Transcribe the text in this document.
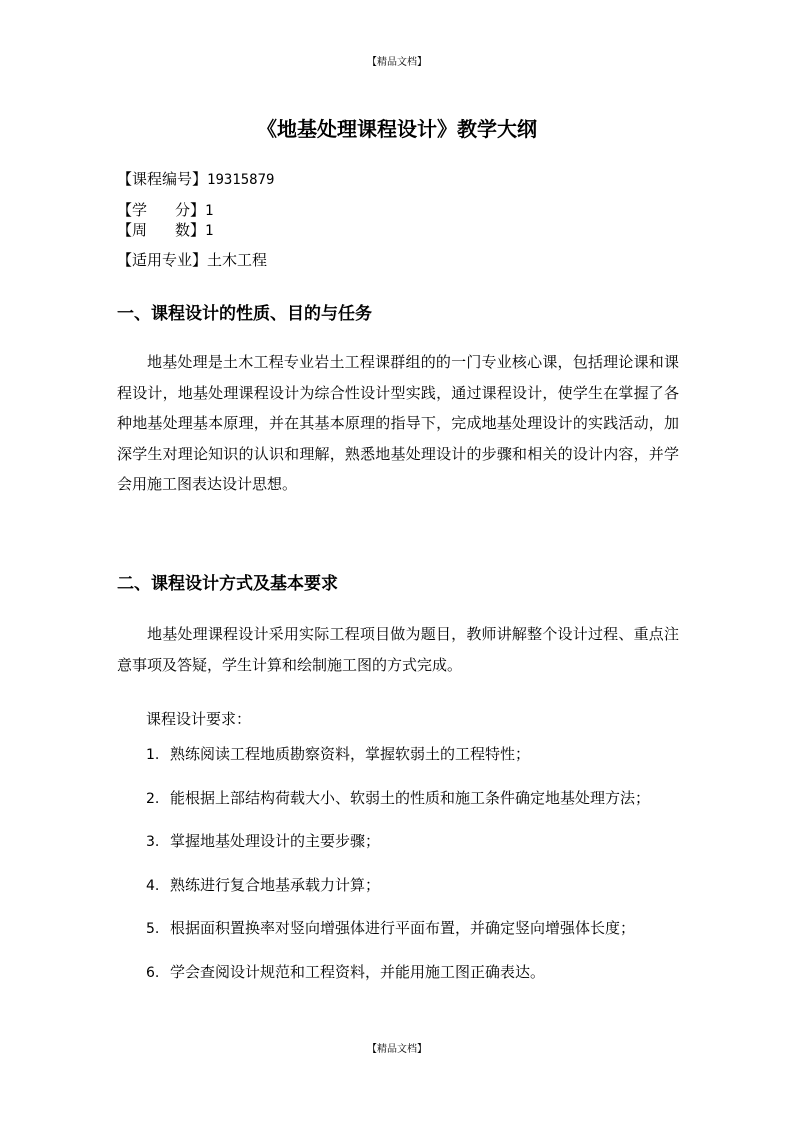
【精品文档】
《地基处理课程设计》教学大纲
【课程编号】19315879
【学 分】 1
【周 数】 1
【适用专业】土木工程
一、课程设计的性质、目的与任务
地基处理是土木工程专业岩土工程课群组的的一门专业核心课，包括理论课和课程设计，地基处理课程设计为综合性设计型实践，通过课程设计，使学生在掌握了各种地基处理基本原理，并在其基本原理的指导下，完成地基处理设计的实践活动，加深学生对理论知识的认识和理解，熟悉地基处理设计的步骤和相关的设计内容，并学会用施工图表达设计思想。
二、课程设计方式及基本要求
地基处理课程设计采用实际工程项目做为题目，教师讲解整个设计过程、重点注意事项及答疑，学生计算和绘制施工图的方式完成。
课程设计要求：
1. 熟练阅读工程地质勘察资料，掌握软弱土的工程特性；
2. 能根据上部结构荷载大小、软弱土的性质和施工条件确定地基处理方法；
3. 掌握地基处理设计的主要步骤；
4. 熟练进行复合地基承载力计算；
5. 根据面积置换率对竖向增强体进行平面布置，并确定竖向增强体长度；
6. 学会查阅设计规范和工程资料，并能用施工图正确表达。
【精品文档】
